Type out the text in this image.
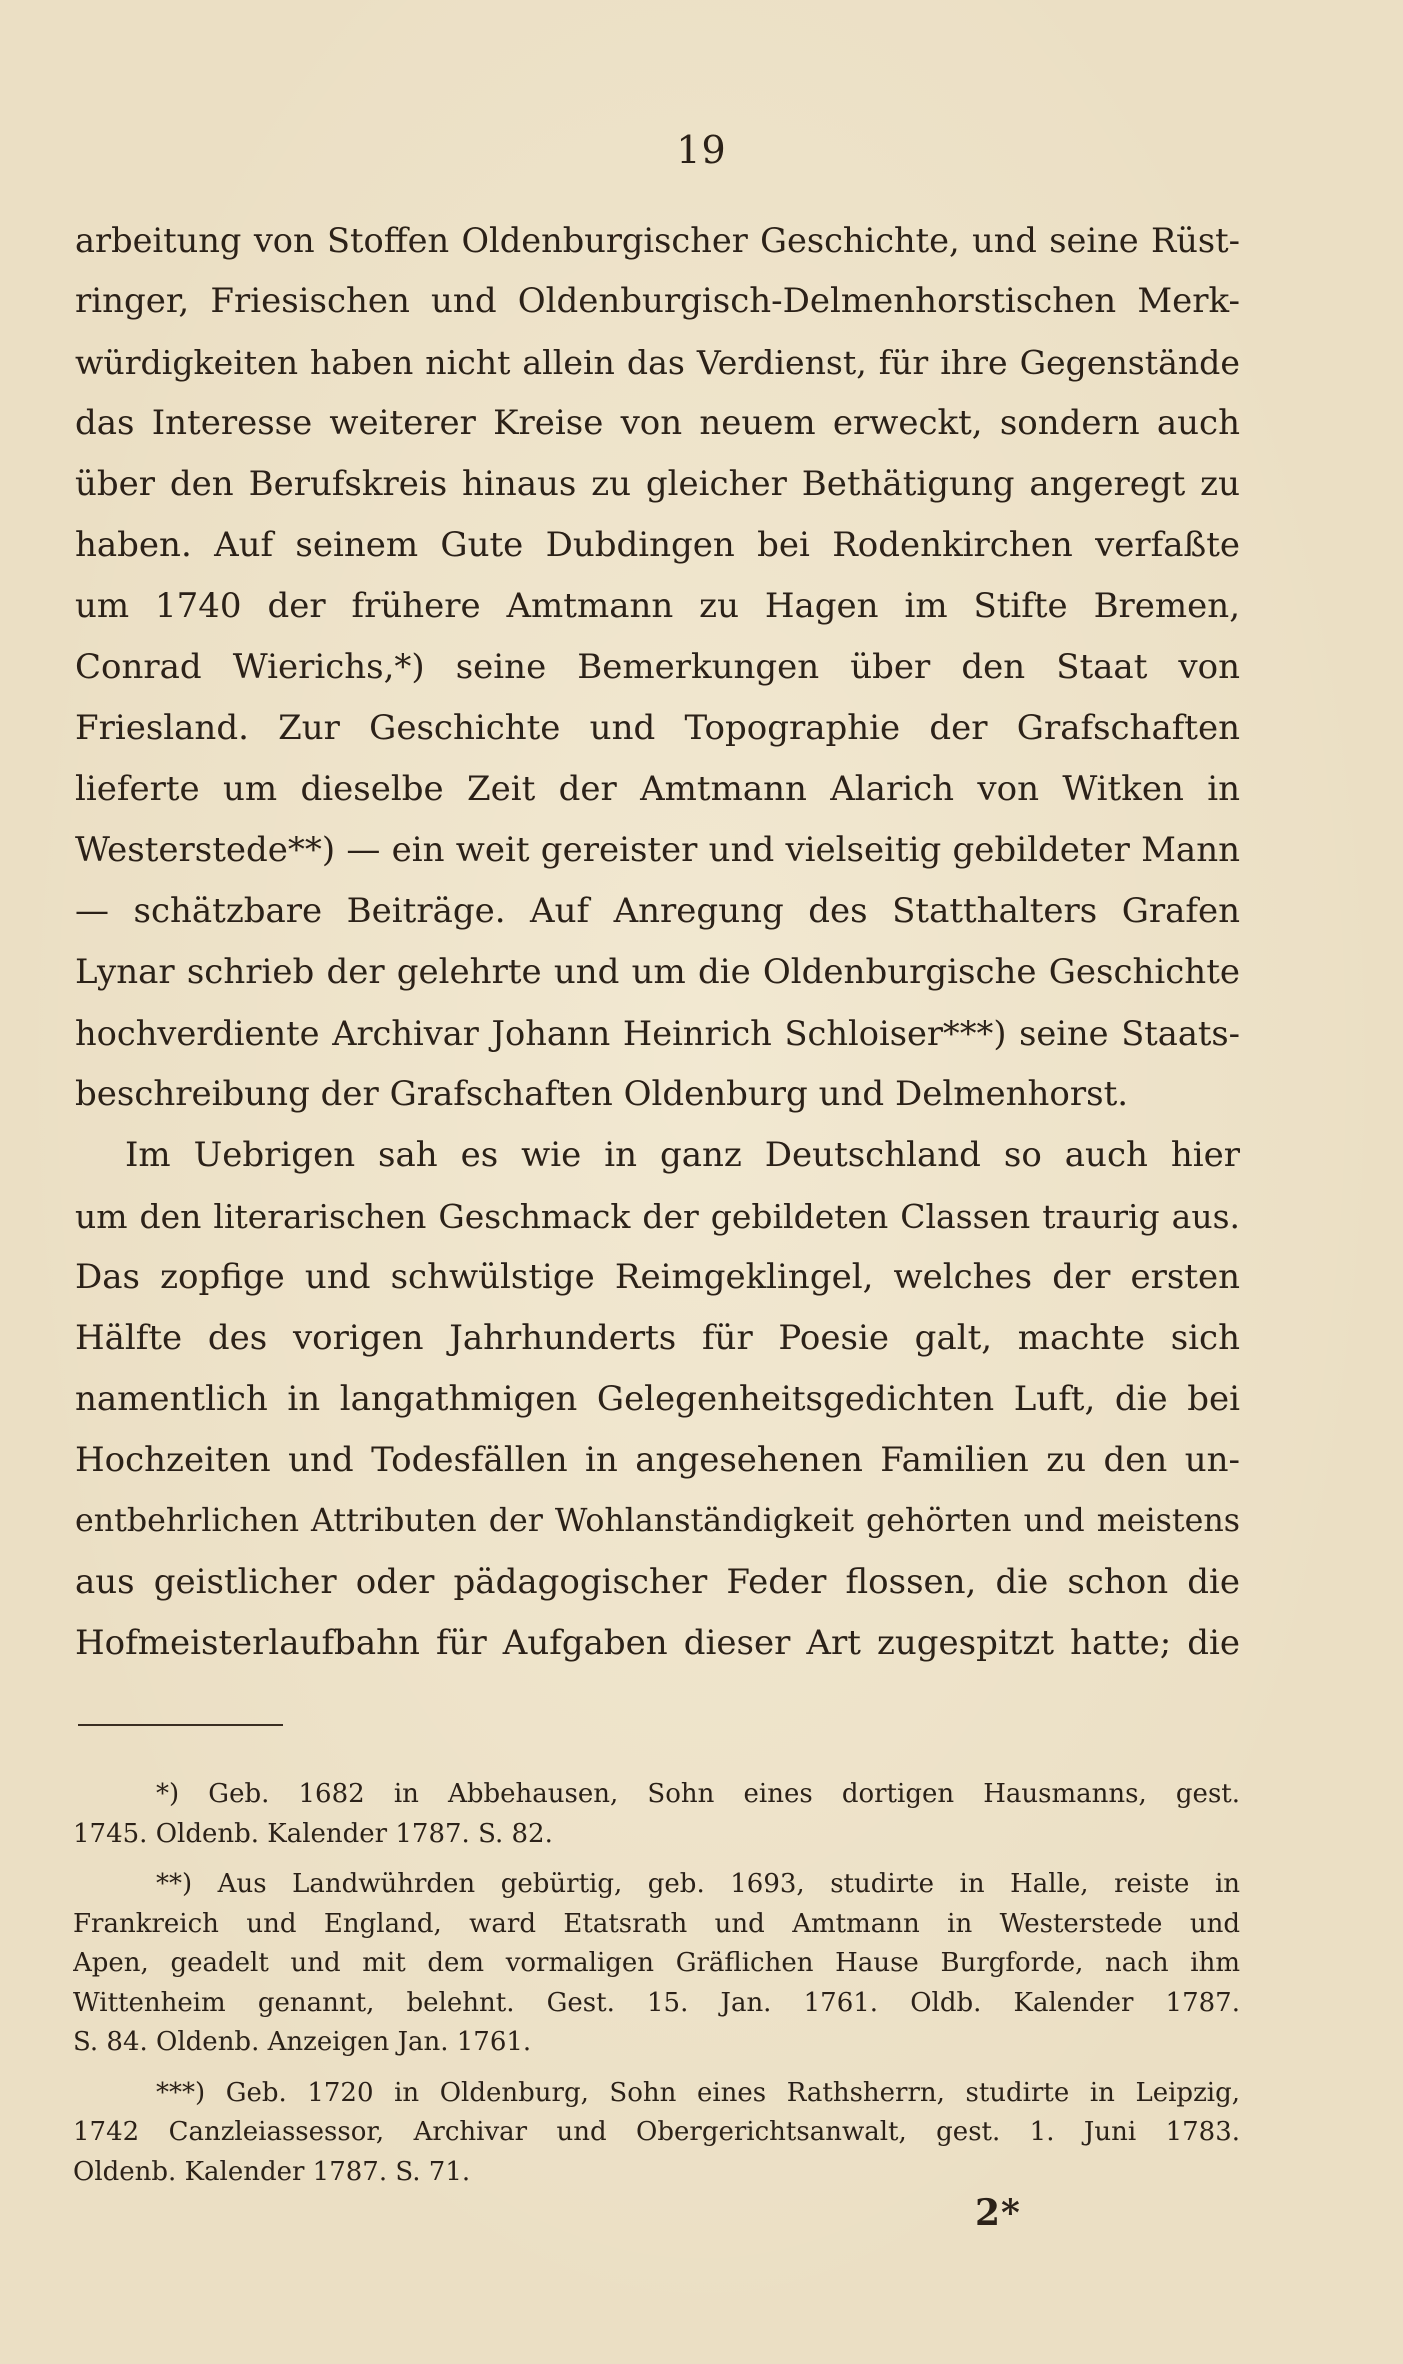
19
arbeitung von Stoffen Oldenburgischer Geschichte, und seine Rüst-
ringer, Friesischen und Oldenburgisch-Delmenhorstischen Merk-
würdigkeiten haben nicht allein das Verdienst, für ihre Gegenstände
das Interesse weiterer Kreise von neuem erweckt, sondern auch
über den Berufskreis hinaus zu gleicher Bethätigung angeregt zu
haben. Auf seinem Gute Dubdingen bei Rodenkirchen verfaßte
um 1740 der frühere Amtmann zu Hagen im Stifte Bremen,
Conrad Wierichs,*) seine Bemerkungen über den Staat von
Friesland. Zur Geschichte und Topographie der Grafschaften
lieferte um dieselbe Zeit der Amtmann Alarich von Witken in
Westerstede**) — ein weit gereister und vielseitig gebildeter Mann
— schätzbare Beiträge. Auf Anregung des Statthalters Grafen
Lynar schrieb der gelehrte und um die Oldenburgische Geschichte
hochverdiente Archivar Johann Heinrich Schloiser***) seine Staats-
beschreibung der Grafschaften Oldenburg und Delmenhorst.
Im Uebrigen sah es wie in ganz Deutschland so auch hier
um den literarischen Geschmack der gebildeten Classen traurig aus.
Das zopfige und schwülstige Reimgeklingel, welches der ersten
Hälfte des vorigen Jahrhunderts für Poesie galt, machte sich
namentlich in langathmigen Gelegenheitsgedichten Luft, die bei
Hochzeiten und Todesfällen in angesehenen Familien zu den un-
entbehrlichen Attributen der Wohlanständigkeit gehörten und meistens
aus geistlicher oder pädagogischer Feder flossen, die schon die
Hofmeisterlaufbahn für Aufgaben dieser Art zugespitzt hatte; die
*) Geb. 1682 in Abbehausen, Sohn eines dortigen Hausmanns, gest.
1745. Oldenb. Kalender 1787. S. 82.
**) Aus Landwührden gebürtig, geb. 1693, studirte in Halle, reiste in
Frankreich und England, ward Etatsrath und Amtmann in Westerstede und
Apen, geadelt und mit dem vormaligen Gräflichen Hause Burgforde, nach ihm
Wittenheim genannt, belehnt. Gest. 15. Jan. 1761. Oldb. Kalender 1787.
S. 84. Oldenb. Anzeigen Jan. 1761.
***) Geb. 1720 in Oldenburg, Sohn eines Rathsherrn, studirte in Leipzig,
1742 Canzleiassessor, Archivar und Obergerichtsanwalt, gest. 1. Juni 1783.
Oldenb. Kalender 1787. S. 71.
2*
